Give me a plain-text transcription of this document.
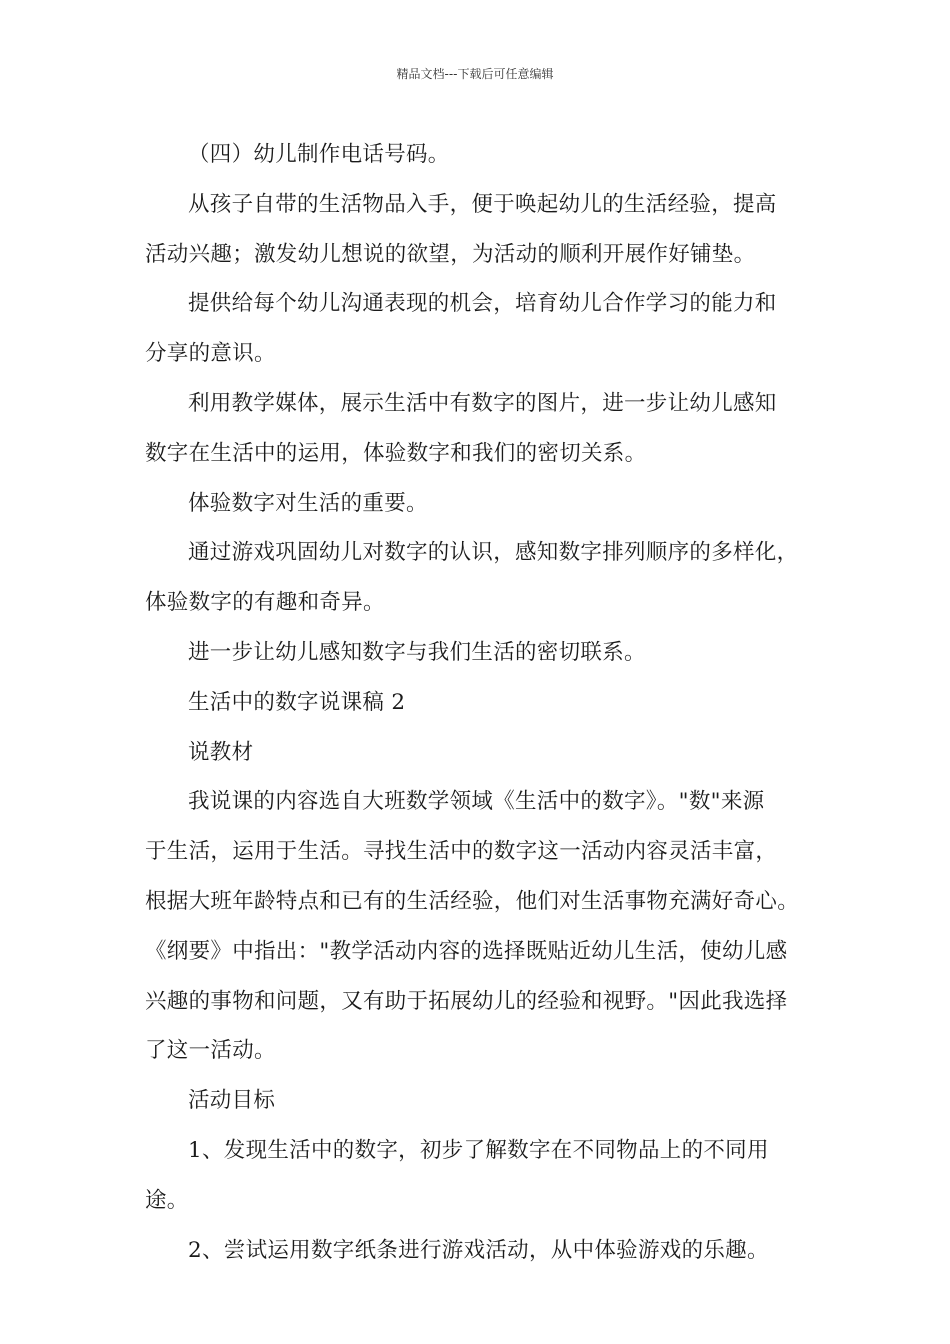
精品文档---下载后可任意编辑

（四）幼儿制作电话号码。

从孩子自带的生活物品入手，便于唤起幼儿的生活经验，提高
活动兴趣；激发幼儿想说的欲望，为活动的顺利开展作好铺垫。

提供给每个幼儿沟通表现的机会，培育幼儿合作学习的能力和
分享的意识。

利用教学媒体，展示生活中有数字的图片，进一步让幼儿感知
数字在生活中的运用，体验数字和我们的密切关系。

体验数字对生活的重要。

通过游戏巩固幼儿对数字的认识，感知数字排列顺序的多样化，
体验数字的有趣和奇异。

进一步让幼儿感知数字与我们生活的密切联系。

生活中的数字说课稿 2

说教材

我说课的内容选自大班数学领域《生活中的数字》。"数"来源
于生活，运用于生活。寻找生活中的数字这一活动内容灵活丰富，
根据大班年龄特点和已有的生活经验，他们对生活事物充满好奇心。
《纲要》中指出："教学活动内容的选择既贴近幼儿生活，使幼儿感
兴趣的事物和问题，又有助于拓展幼儿的经验和视野。"因此我选择
了这一活动。

活动目标

1、发现生活中的数字，初步了解数字在不同物品上的不同用途。

2、尝试运用数字纸条进行游戏活动，从中体验游戏的乐趣。
